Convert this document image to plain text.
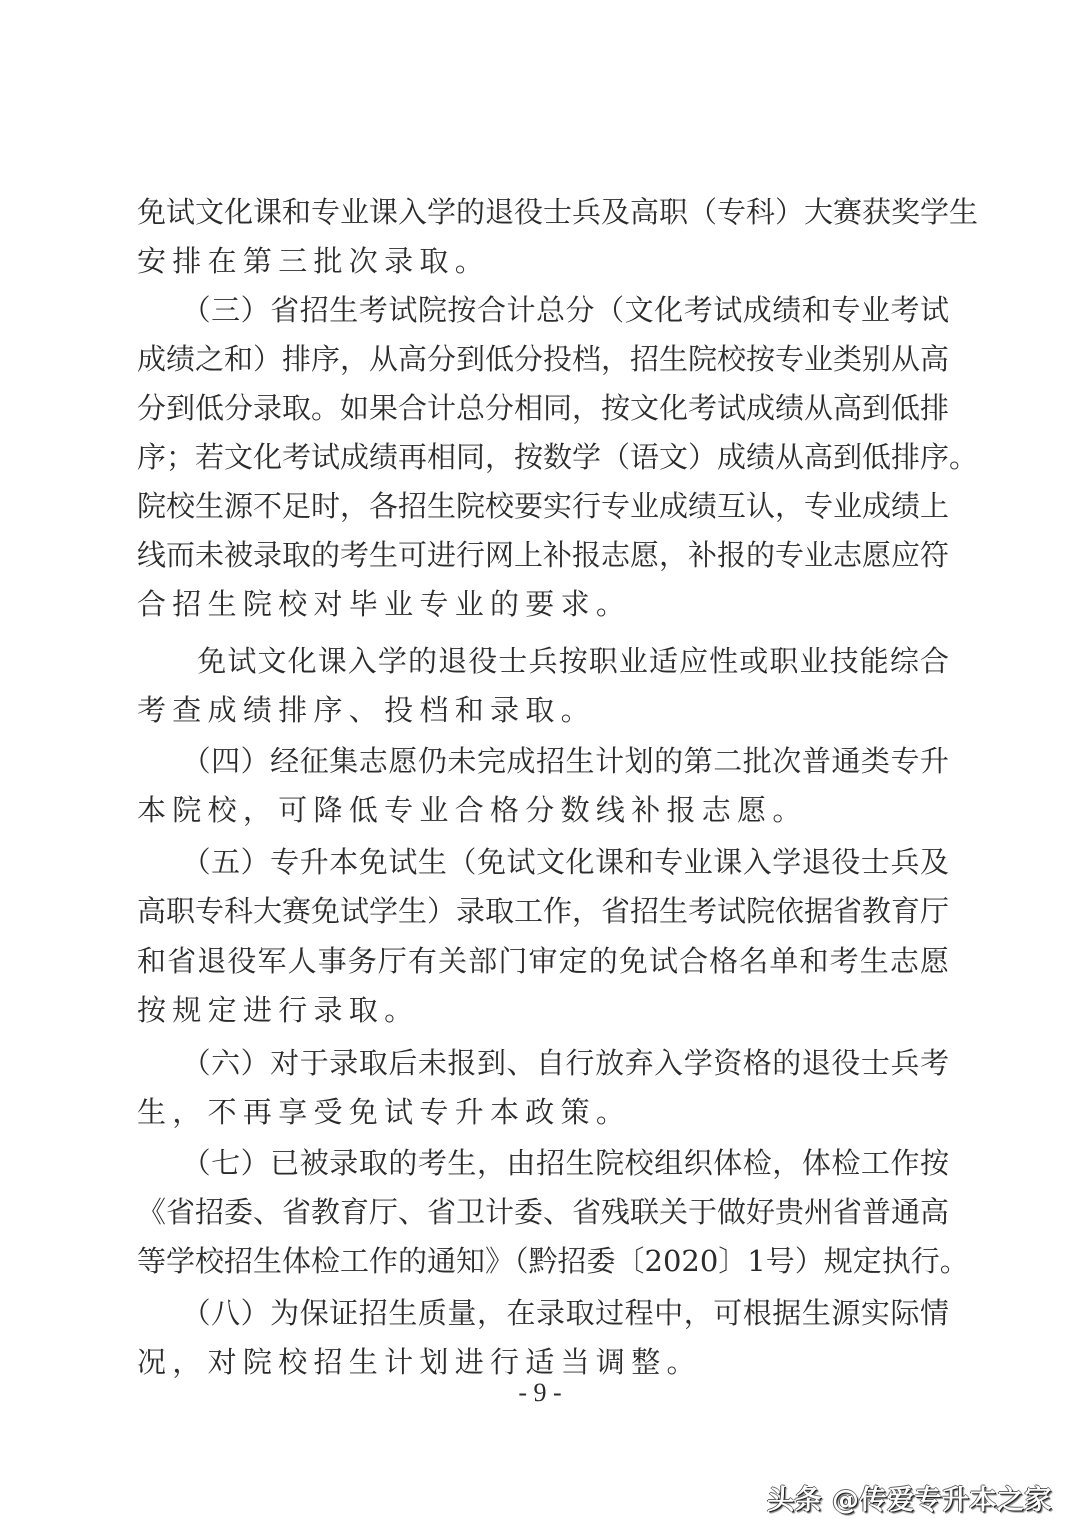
免试文化课和专业课入学的退役士兵及高职（专科）大赛获奖学生
安排在第三批次录取。
　　（三）省招生考试院按合计总分（文化考试成绩和专业考试
成绩之和）排序，从高分到低分投档，招生院校按专业类别从高
分到低分录取。如果合计总分相同，按文化考试成绩从高到低排
序；若文化考试成绩再相同，按数学（语文）成绩从高到低排序。
院校生源不足时，各招生院校要实行专业成绩互认，专业成绩上
线而未被录取的考生可进行网上补报志愿，补报的专业志愿应符
合招生院校对毕业专业的要求。
　　免试文化课入学的退役士兵按职业适应性或职业技能综合
考查成绩排序、投档和录取。
　　（四）经征集志愿仍未完成招生计划的第二批次普通类专升
本院校，可降低专业合格分数线补报志愿。
　　（五）专升本免试生（免试文化课和专业课入学退役士兵及
高职专科大赛免试学生）录取工作，省招生考试院依据省教育厅
和省退役军人事务厅有关部门审定的免试合格名单和考生志愿
按规定进行录取。
　　（六）对于录取后未报到、自行放弃入学资格的退役士兵考
生，不再享受免试专升本政策。
　　（七）已被录取的考生，由招生院校组织体检，体检工作按
《省招委、省教育厅、省卫计委、省残联关于做好贵州省普通高
等学校招生体检工作的通知》（黔招委〔2020〕1号）规定执行。
　　（八）为保证招生质量，在录取过程中，可根据生源实际情
况，对院校招生计划进行适当调整。
- 9 -
头条 @传爱专升本之家
